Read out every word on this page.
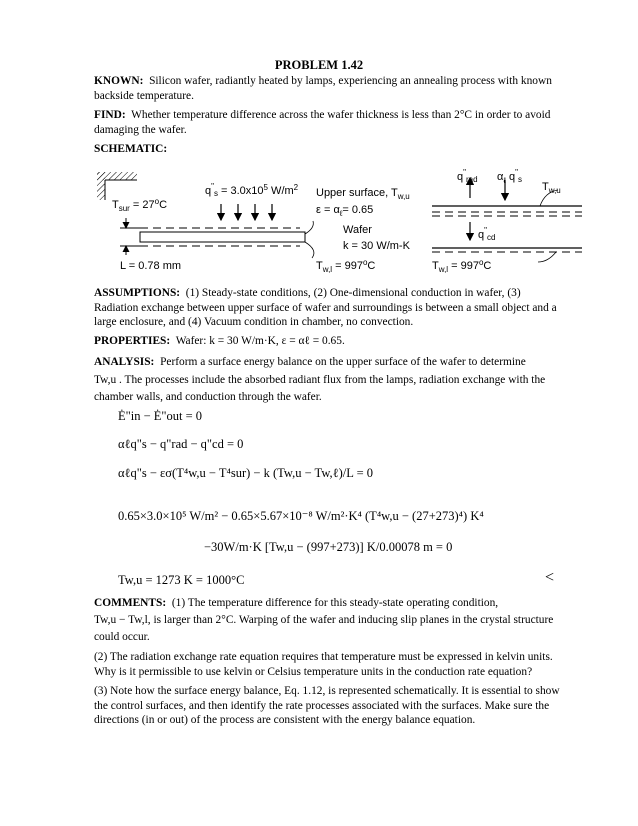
PROBLEM 1.42
KNOWN: Silicon wafer, radiantly heated by lamps, experiencing an annealing process with known backside temperature.
FIND: Whether temperature difference across the wafer thickness is less than 2°C in order to avoid damaging the wafer.
SCHEMATIC:
$T_{sur} = 27^oC$
$q^"_s = 3.0x10^5$ $W/m^2$ Upper surface, $T_{w,u}$
$\varepsilon = \alpha_\ell= 0.65$
Wafer
k = 30 W/m-K
$T_{w,l} = 997^oC$
L = 0.78 mm
$q^"_{rad}$ $\alpha_\ell$ $q^"_s$
$T_{w,u}$
$q^"_{cd}$
$T_{w,l} = 997^oC$
ASSUMPTIONS: (1) Steady-state conditions, (2) One-dimensional conduction in wafer, (3) Radiation exchange between upper surface of wafer and surroundings is between a small object and a large enclosure, and (4) Vacuum condition in chamber, no convection.
PROPERTIES: Wafer: k = 30 W/m·K, ε = αℓ = 0.65.
ANALYSIS: Perform a surface energy balance on the upper surface of the wafer to determine
Tw,u . The processes include the absorbed radiant flux from the lamps, radiation exchange with the chamber walls, and conduction through the wafer.
Ė"in − Ė"out = 0
αℓq"s − q"rad − q"cd = 0
αℓq"s − εσ(T⁴w,u − T⁴sur) − k (Tw,u − Tw,ℓ)/L = 0
0.65×3.0×10⁵ W/m² − 0.65×5.67×10⁻⁸ W/m²·K⁴ (T⁴w,u − (27+273)⁴) K⁴
−30W/m·K [Tw,u − (997+273)] K/0.00078 m = 0
Tw,u = 1273 K = 1000°C	<
COMMENTS: (1) The temperature difference for this steady-state operating condition,
Tw,u − Tw,l, is larger than 2°C. Warping of the wafer and inducing slip planes in the crystal structure could occur.
(2) The radiation exchange rate equation requires that temperature must be expressed in kelvin units. Why is it permissible to use kelvin or Celsius temperature units in the conduction rate equation?
(3) Note how the surface energy balance, Eq. 1.12, is represented schematically. It is essential to show the control surfaces, and then identify the rate processes associated with the surfaces. Make sure the directions (in or out) of the process are consistent with the energy balance equation.
